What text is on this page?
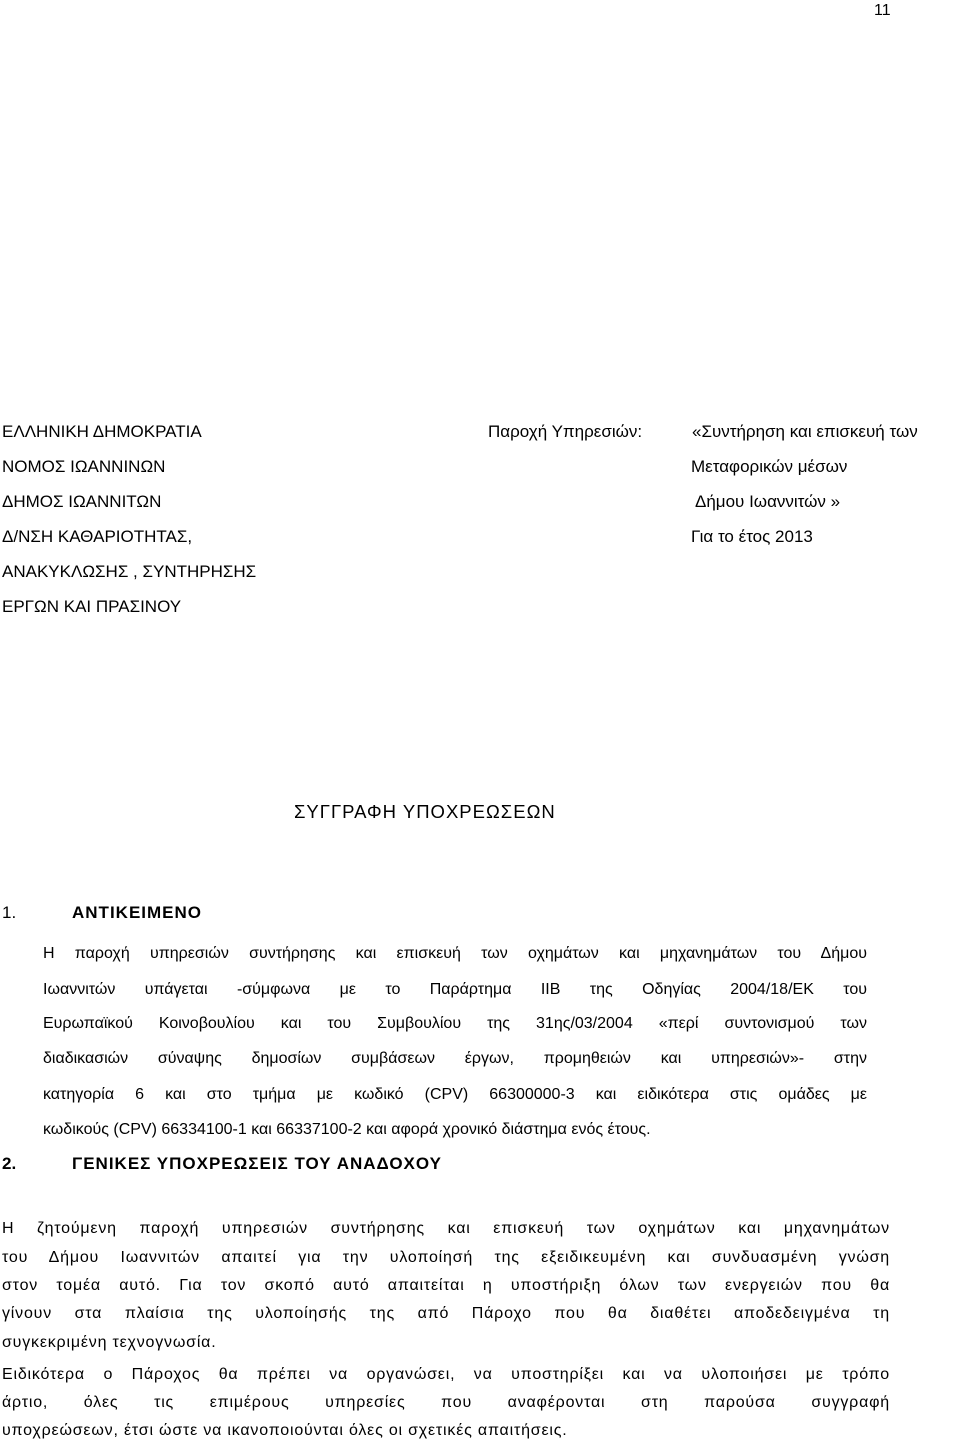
11
ΕΛΛΗΝΙΚΗ ΔΗΜΟΚΡΑΤΙΑ
ΝΟΜΟΣ ΙΩΑΝΝΙΝΩΝ
ΔΗΜΟΣ ΙΩΑΝΝΙΤΩΝ
Δ/ΝΣΗ ΚΑΘΑΡΙΟΤΗΤΑΣ,
ΑΝΑΚΥΚΛΩΣΗΣ , ΣΥΝΤΗΡΗΣΗΣ
ΕΡΓΩΝ ΚΑΙ ΠΡΑΣΙΝΟΥ
Παροχή Υπηρεσιών:	«Συντήρηση και επισκευή των
Μεταφορικών μέσων
Δήμου Ιωαννιτών »
Για το έτος 2013
ΣΥΓΓΡΑΦΗ ΥΠΟΧΡΕΩΣΕΩΝ
1.	ΑΝΤΙΚΕΙΜΕΝΟ
Η παροχή υπηρεσιών συντήρησης και επισκευή των οχημάτων και μηχανημάτων του Δήμου
Ιωαννιτών υπάγεται -σύμφωνα με το Παράρτημα ΙΙΒ της Οδηγίας 2004/18/ΕΚ του
Ευρωπαϊκού Κοινοβουλίου και του Συμβουλίου της 31ης/03/2004 «περί συντονισμού των
διαδικασιών σύναψης δημοσίων συμβάσεων έργων, προμηθειών και υπηρεσιών»- στην
κατηγορία 6 και στο τμήμα με κωδικό (CPV) 66300000-3 και ειδικότερα στις ομάδες με
κωδικούς (CPV) 66334100-1 και 66337100-2 και αφορά χρονικό διάστημα ενός έτους.
2.	ΓΕΝΙΚΕΣ ΥΠΟΧΡΕΩΣΕΙΣ ΤΟΥ ΑΝΑΔΟΧΟΥ
Η ζητούμενη παροχή υπηρεσιών συντήρησης και επισκευή των οχημάτων και μηχανημάτων
του Δήμου Ιωαννιτών απαιτεί για την υλοποίησή της εξειδικευμένη και συνδυασμένη γνώση
στον τομέα αυτό. Για τον σκοπό αυτό απαιτείται η υποστήριξη όλων των ενεργειών που θα
γίνουν στα πλαίσια της υλοποίησής της από Πάροχο που θα διαθέτει αποδεδειγμένα τη
συγκεκριμένη τεχνογνωσία.
Ειδικότερα ο Πάροχος θα πρέπει να οργανώσει, να υποστηρίξει και να υλοποιήσει με τρόπο
άρτιο, όλες τις επιμέρους υπηρεσίες που αναφέρονται στη παρούσα συγγραφή
υποχρεώσεων, έτσι ώστε να ικανοποιούνται όλες οι σχετικές απαιτήσεις.
